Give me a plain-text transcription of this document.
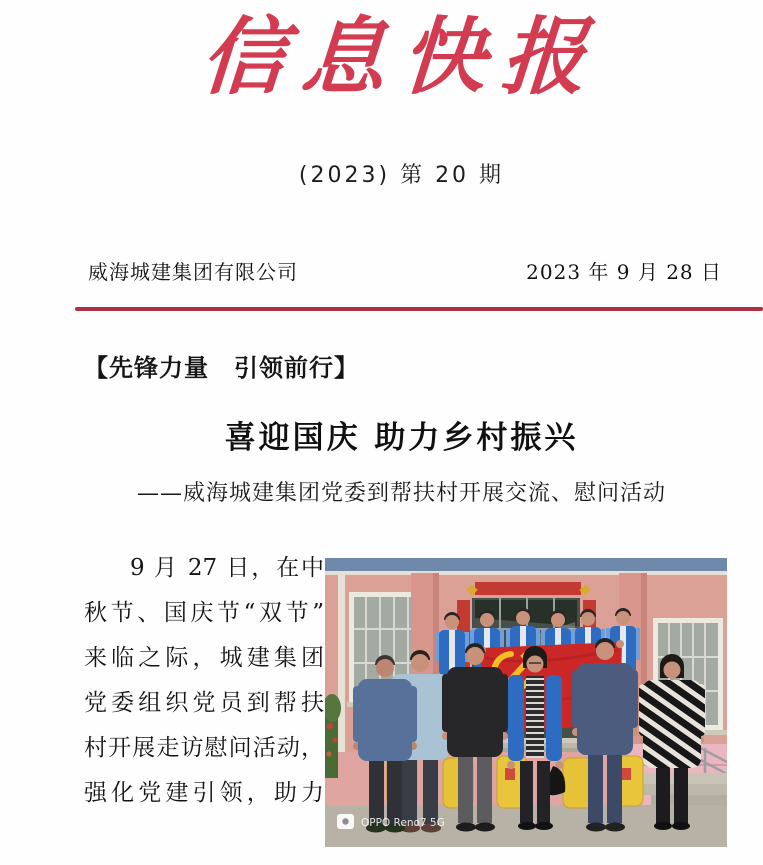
信息快报
(2023) 第 20 期
威海城建集团有限公司	2023 年 9 月 28 日
【先锋力量　引领前行】
喜迎国庆 助力乡村振兴
——威海城建集团党委到帮扶村开展交流、慰问活动
9 月 27 日，在中
秋节、国庆节“双节”
来临之际，城建集团
党委组织党员到帮扶
村开展走访慰问活动，
强化党建引领，助力
OPPO Reno7 5G
